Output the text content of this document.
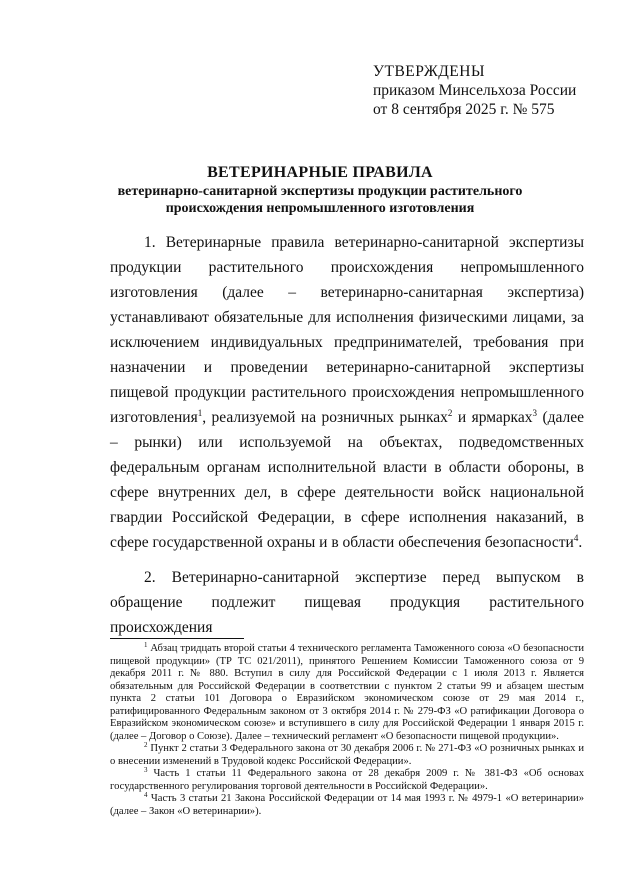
УТВЕРЖДЕНЫ
приказом Минсельхоза России
от 8 сентября 2025 г. № 575
ВЕТЕРИНАРНЫЕ ПРАВИЛА
ветеринарно-санитарной экспертизы продукции растительного
происхождения непромышленного изготовления

1. Ветеринарные правила ветеринарно-санитарной экспертизы продукции растительного происхождения непромышленного изготовления (далее – ветеринарно-санитарная экспертиза) устанавливают обязательные для исполнения физическими лицами, за исключением индивидуальных предпринимателей, требования при назначении и проведении ветеринарно-санитарной экспертизы пищевой продукции растительного происхождения непромышленного изготовления$^1$, реализуемой на розничных рынках$^2$ и ярмарках$^3$ (далее – рынки) или используемой на объектах, подведомственных федеральным органам исполнительной власти в области обороны, в сфере внутренних дел, в сфере деятельности войск национальной гвардии Российской Федерации, в сфере исполнения наказаний, в сфере государственной охраны и в области обеспечения безопасности$^4$.

2. Ветеринарно-санитарной экспертизе перед выпуском в обращение подлежит пищевая продукция растительного происхождения

$^1$ Абзац тридцать второй статьи 4 технического регламента Таможенного союза «О безопасности пищевой продукции» (ТР ТС 021/2011), принятого Решением Комиссии Таможенного союза от 9 декабря 2011 г. № 880. Вступил в силу для Российской Федерации с 1 июля 2013 г. Является обязательным для Российской Федерации в соответствии с пунктом 2 статьи 99 и абзацем шестым пункта 2 статьи 101 Договора о Евразийском экономическом союзе от 29 мая 2014 г., ратифицированного Федеральным законом от 3 октября 2014 г. № 279-ФЗ «О ратификации Договора о Евразийском экономическом союзе» и вступившего в силу для Российской Федерации 1 января 2015 г. (далее – Договор о Союзе). Далее – технический регламент «О безопасности пищевой продукции».

$^2$ Пункт 2 статьи 3 Федерального закона от 30 декабря 2006 г. № 271-ФЗ «О розничных рынках и о внесении изменений в Трудовой кодекс Российской Федерации».

$^3$ Часть 1 статьи 11 Федерального закона от 28 декабря 2009 г. № 381-ФЗ «Об основах государственного регулирования торговой деятельности в Российской Федерации».

$^4$ Часть 3 статьи 21 Закона Российской Федерации от 14 мая 1993 г. № 4979-1 «О ветеринарии» (далее – Закон «О ветеринарии»).
